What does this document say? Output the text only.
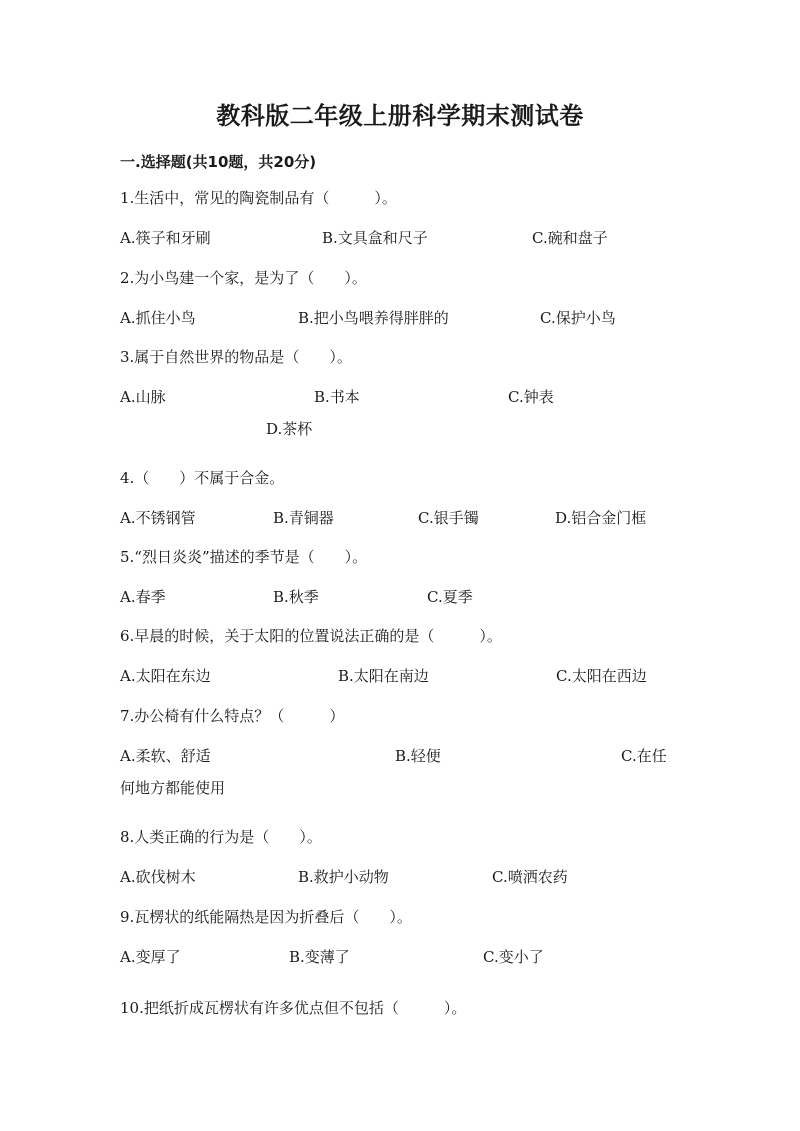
教科版二年级上册科学期末测试卷
一.选择题(共10题，共20分)
1.生活中，常见的陶瓷制品有（　　　）。
A.筷子和牙刷	B.文具盒和尺子	C.碗和盘子
2.为小鸟建一个家，是为了（　　）。
A.抓住小鸟	B.把小鸟喂养得胖胖的	C.保护小鸟
3.属于自然世界的物品是（　　）。
A.山脉	B.书本	C.钟表
D.茶杯
4.（　　）不属于合金。
A.不锈钢管	B.青铜器	C.银手镯	D.铝合金门框
5.“烈日炎炎”描述的季节是（　　）。
A.春季	B.秋季	C.夏季
6.早晨的时候，关于太阳的位置说法正确的是（　　　）。
A.太阳在东边	B.太阳在南边	C.太阳在西边
7.办公椅有什么特点？（　　　）
A.柔软、舒适	B.轻便	C.在任
何地方都能使用
8.人类正确的行为是（　　）。
A.砍伐树木	B.救护小动物	C.喷洒农药
9.瓦楞状的纸能隔热是因为折叠后（　　）。
A.变厚了	B.变薄了	C.变小了
10.把纸折成瓦楞状有许多优点但不包括（　　　）。
